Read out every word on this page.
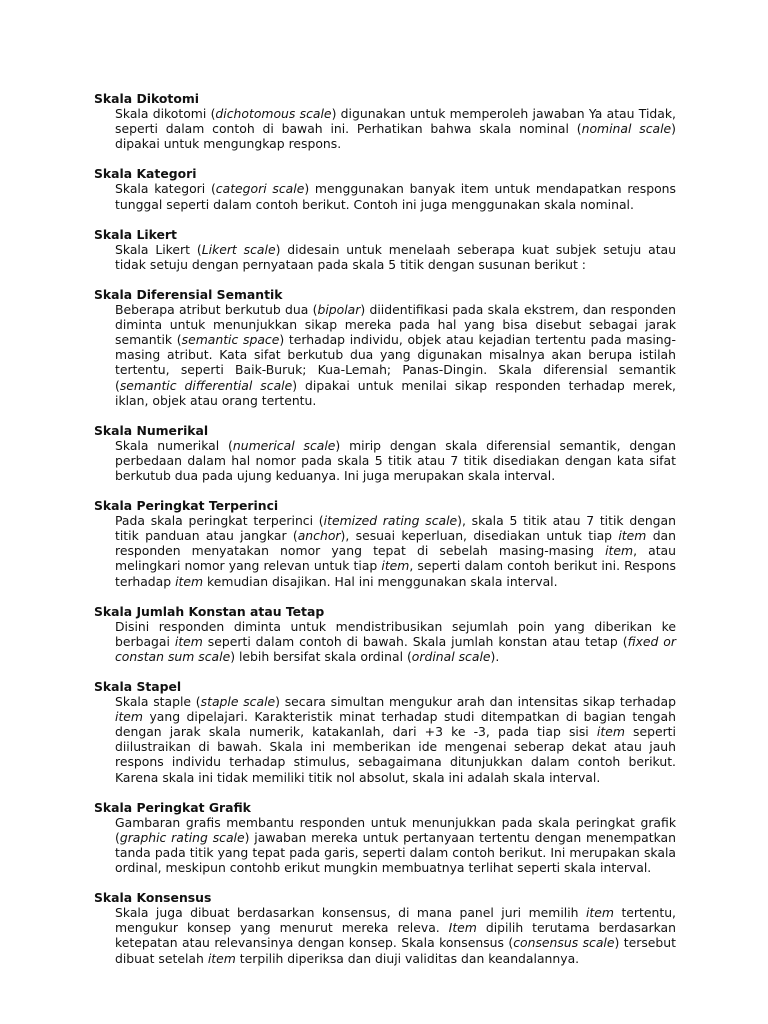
Skala Dikotomi
Skala dikotomi (dichotomous scale) digunakan untuk memperoleh jawaban Ya atau Tidak, seperti dalam contoh di bawah ini. Perhatikan bahwa skala nominal (nominal scale) dipakai untuk mengungkap respons.
Skala Kategori
Skala kategori (categori scale) menggunakan banyak item untuk mendapatkan respons tunggal seperti dalam contoh berikut. Contoh ini juga menggunakan skala nominal.
Skala Likert
Skala Likert (Likert scale) didesain untuk menelaah seberapa kuat subjek setuju atau tidak setuju dengan pernyataan pada skala 5 titik dengan susunan berikut :
Skala Diferensial Semantik
Beberapa atribut berkutub dua (bipolar) diidentifikasi pada skala ekstrem, dan responden diminta untuk menunjukkan sikap mereka pada hal yang bisa disebut sebagai jarak semantik (semantic space) terhadap individu, objek atau kejadian tertentu pada masing-masing atribut. Kata sifat berkutub dua yang digunakan misalnya akan berupa istilah tertentu, seperti Baik-Buruk; Kua-Lemah; Panas-Dingin. Skala diferensial semantik (semantic differential scale) dipakai untuk menilai sikap responden terhadap merek, iklan, objek atau orang tertentu.
Skala Numerikal
Skala numerikal (numerical scale) mirip dengan skala diferensial semantik, dengan perbedaan dalam hal nomor pada skala 5 titik atau 7 titik disediakan dengan kata sifat berkutub dua pada ujung keduanya. Ini juga merupakan skala interval.
Skala Peringkat Terperinci
Pada skala peringkat terperinci (itemized rating scale), skala 5 titik atau 7 titik dengan titik panduan atau jangkar (anchor), sesuai keperluan, disediakan untuk tiap item dan responden menyatakan nomor yang tepat di sebelah masing-masing item, atau melingkari nomor yang relevan untuk tiap item, seperti dalam contoh berikut ini. Respons terhadap item kemudian disajikan. Hal ini menggunakan skala interval.
Skala Jumlah Konstan atau Tetap
Disini responden diminta untuk mendistribusikan sejumlah poin yang diberikan ke berbagai item seperti dalam contoh di bawah. Skala jumlah konstan atau tetap (fixed or constan sum scale) lebih bersifat skala ordinal (ordinal scale).
Skala Stapel
Skala staple (staple scale) secara simultan mengukur arah dan intensitas sikap terhadap item yang dipelajari. Karakteristik minat terhadap studi ditempatkan di bagian tengah dengan jarak skala numerik, katakanlah, dari +3 ke -3, pada tiap sisi item seperti diilustraikan di bawah. Skala ini memberikan ide mengenai seberap dekat atau jauh respons individu terhadap stimulus, sebagaimana ditunjukkan dalam contoh berikut. Karena skala ini tidak memiliki titik nol absolut, skala ini adalah skala interval.
Skala Peringkat Grafik
Gambaran grafis membantu responden untuk menunjukkan pada skala peringkat grafik (graphic rating scale) jawaban mereka untuk pertanyaan tertentu dengan menempatkan tanda pada titik yang tepat pada garis, seperti dalam contoh berikut. Ini merupakan skala ordinal, meskipun contohb erikut mungkin membuatnya terlihat seperti skala interval.
Skala Konsensus
Skala juga dibuat berdasarkan konsensus, di mana panel juri memilih item tertentu, mengukur konsep yang menurut mereka releva. Item dipilih terutama berdasarkan ketepatan atau relevansinya dengan konsep. Skala konsensus (consensus scale) tersebut dibuat setelah item terpilih diperiksa dan diuji validitas dan keandalannya.
